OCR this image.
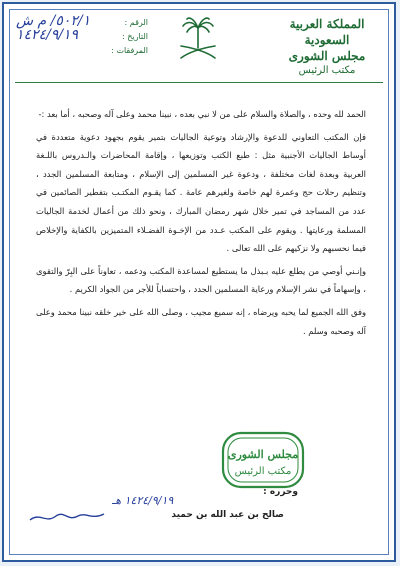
المملكة العربية السعودية
مجلس الشورى
مكتب الرئيس
الرقم :
٥٠٢/١/ م ش
التاريخ :
١٤٢٤/٩/١٩
المرفقات :

الحمد لله وحده ، والصلاة والسلام على من لا نبي بعده ، نبينا محمد وعلى آله وصحبه ، أما بعد :-

فإن المكتب التعاوني للدعوة والإرشاد وتوعية الجاليات بتمير يقوم بجهود دعوية متعددة في أوساط الجاليات الأجنبية مثل : طبع الكتب وتوزيعها ، وإقامة المحاضرات والـدروس باللـغة العربية وبعدة لغات مختلفة ، ودعوة غير المسلمين إلى الإسلام ، ومتابعة المسلمين الجدد ، وتنظيم رحلات حج وعمرة لهم خاصة ولغيرهم عامة . كما يقـوم المكتـب بتفطير الصائمين في عدد من المساجد في تمير خلال شهر رمضان المبارك ، ونحو ذلك من أعمال لخدمة الجاليات المسلمة ورعايتها . ويقوم على المكتب عـدد من الإخـوة الفضـلاء المتميزين بالكفاية والإخلاص فيما نحسبهم ولا نزكيهم على الله تعالى .

وإنـني أوصي من يطلع عليه بـبذل ما يستطيع لمساعدة المكتب ودعمه ، تعاوناً على البِرّ والتقوى ، وإسهاماً في نشر الإسلام ورعاية المسلمين الجدد ، واحتساباً للأجر من الجواد الكريم .

وفق الله الجميع لما يحبه ويرضاه ، إنه سميع مجيب ، وصلى الله على خير خلقه نبينا محمد وعلى آله وصحبه وسلم .

مجلس الشورى
مكتب الرئيس
وحرره :
صالح بن عبد الله بن حميد
١٤٢٤/٩/١٩ هـ
